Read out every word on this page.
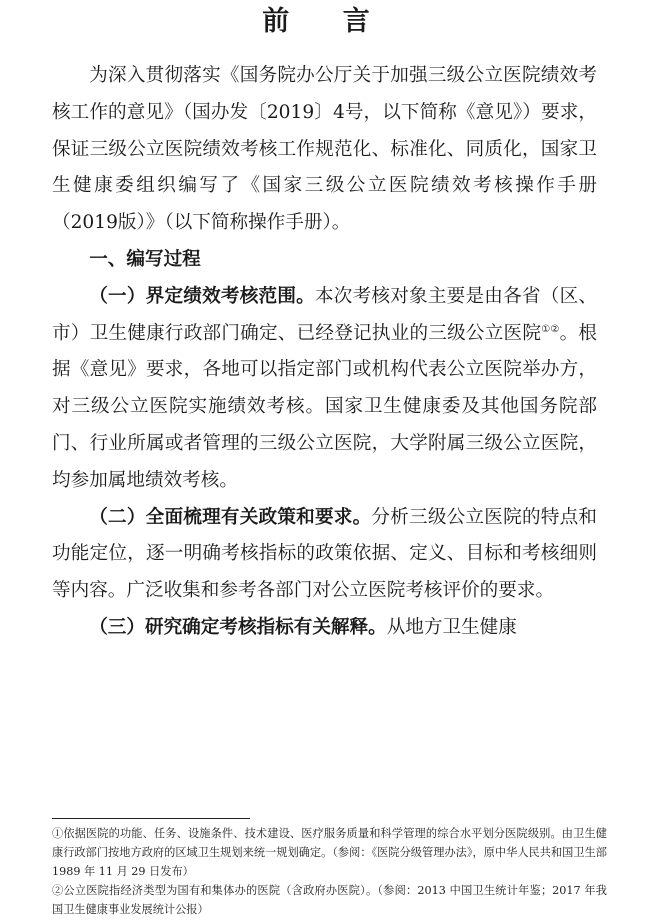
前 言

为深入贯彻落实《国务院办公厅关于加强三级公立医院绩效考核工作的意见》（国办发〔2019〕4号，以下简称《意见》）要求，保证三级公立医院绩效考核工作规范化、标准化、同质化，国家卫生健康委组织编写了《国家三级公立医院绩效考核操作手册（2019版）》（以下简称操作手册）。

一、编写过程

（一）界定绩效考核范围。本次考核对象主要是由各省（区、市）卫生健康行政部门确定、已经登记执业的三级公立医院①②。根据《意见》要求，各地可以指定部门或机构代表公立医院举办方，对三级公立医院实施绩效考核。国家卫生健康委及其他国务院部门、行业所属或者管理的三级公立医院，大学附属三级公立医院，均参加属地绩效考核。

（二）全面梳理有关政策和要求。分析三级公立医院的特点和功能定位，逐一明确考核指标的政策依据、定义、目标和考核细则等内容。广泛收集和参考各部门对公立医院考核评价的要求。

（三）研究确定考核指标有关解释。从地方卫生健康

①依据医院的功能、任务、设施条件、技术建设、医疗服务质量和科学管理的综合水平划分医院级别。由卫生健康行政部门按地方政府的区域卫生规划来统一规划确定。（参阅：《医院分级管理办法》，原中华人民共和国卫生部 1989 年 11 月 29 日发布）

②公立医院指经济类型为国有和集体办的医院（含政府办医院）。（参阅：2013 中国卫生统计年鉴；2017 年我国卫生健康事业发展统计公报）
